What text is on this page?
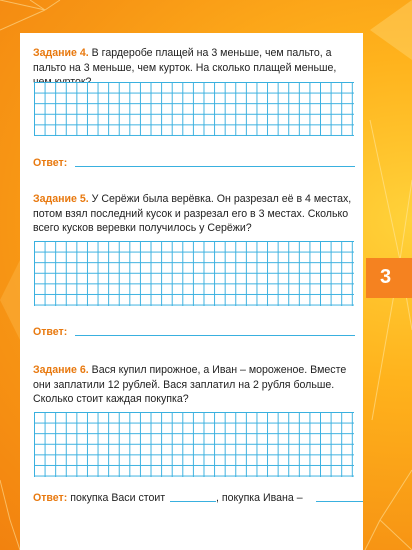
Задание 4. В гардеробе плащей на 3 меньше, чем пальто, а пальто на 3 меньше, чем курток. На сколько плащей меньше,
Ответ:
Задание 5. У Серёжи была верёвка. Он разрезал её в 4 местах, потом взял последний кусок и разрезал его в 3 местах. Сколько всего кусков веревки получилось у Серёжи?
Ответ:
Задание 6. Вася купил пирожное, а Иван – мороженое. Вместе они заплатили 12 рублей. Вася заплатил на 2 рубля больше. Сколько стоит каждая покупка?
Ответ: покупка Васи стоит	, покупка Ивана –
3
